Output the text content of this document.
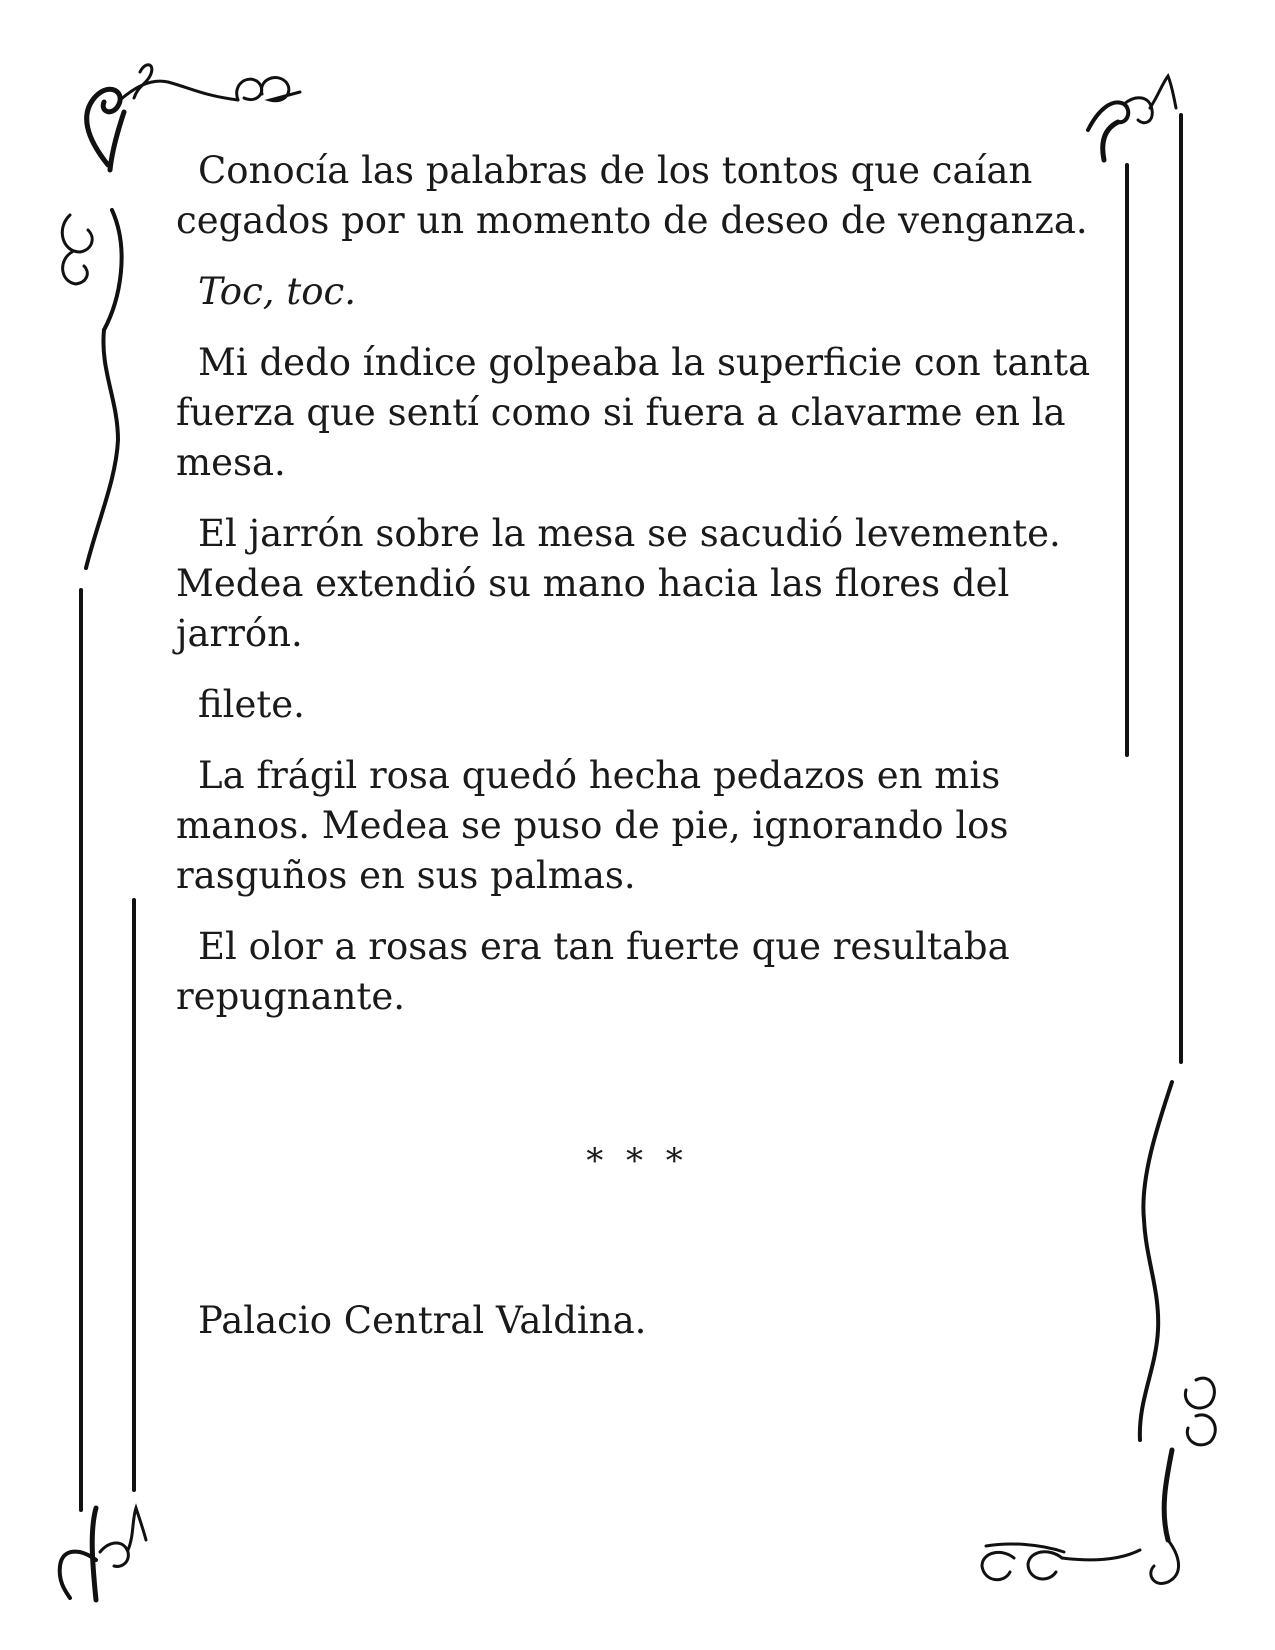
Conocía las palabras de los tontos que caían cegados por un momento de deseo de venganza.

Toc, toc.

Mi dedo índice golpeaba la superficie con tanta fuerza que sentí como si fuera a clavarme en la mesa.

El jarrón sobre la mesa se sacudió levemente. Medea extendió su mano hacia las flores del jarrón.

filete.

La frágil rosa quedó hecha pedazos en mis manos. Medea se puso de pie, ignorando los rasguños en sus palmas.

El olor a rosas era tan fuerte que resultaba repugnante.

* * *
Palacio Central Valdina.
